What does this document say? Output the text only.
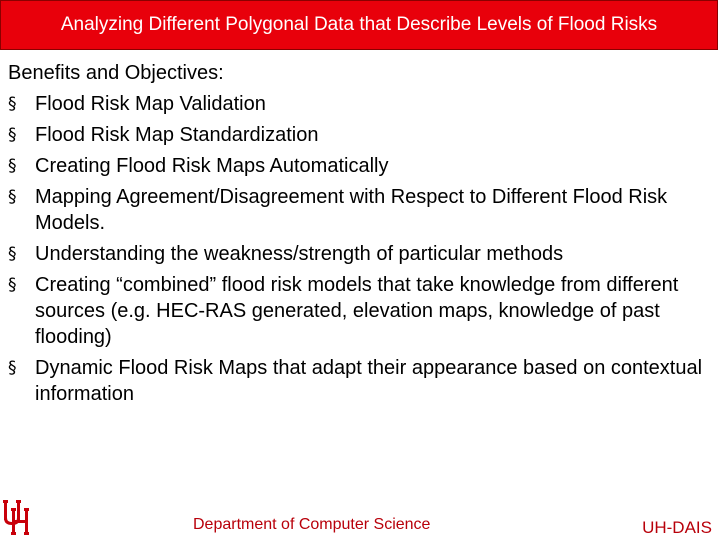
Analyzing Different Polygonal Data that Describe Levels of Flood Risks
Benefits and Objectives:
§ Flood Risk Map Validation
§ Flood Risk Map Standardization
§ Creating Flood Risk Maps Automatically
§ Mapping Agreement/Disagreement with Respect to Different Flood Risk Models.
§ Understanding the weakness/strength of particular methods
§ Creating “combined” flood risk models that take knowledge from different sources (e.g. HEC-RAS generated, elevation maps, knowledge of past flooding)
§ Dynamic Flood Risk Maps that adapt their appearance based on contextual information
Department of Computer Science	UH-DAIS
